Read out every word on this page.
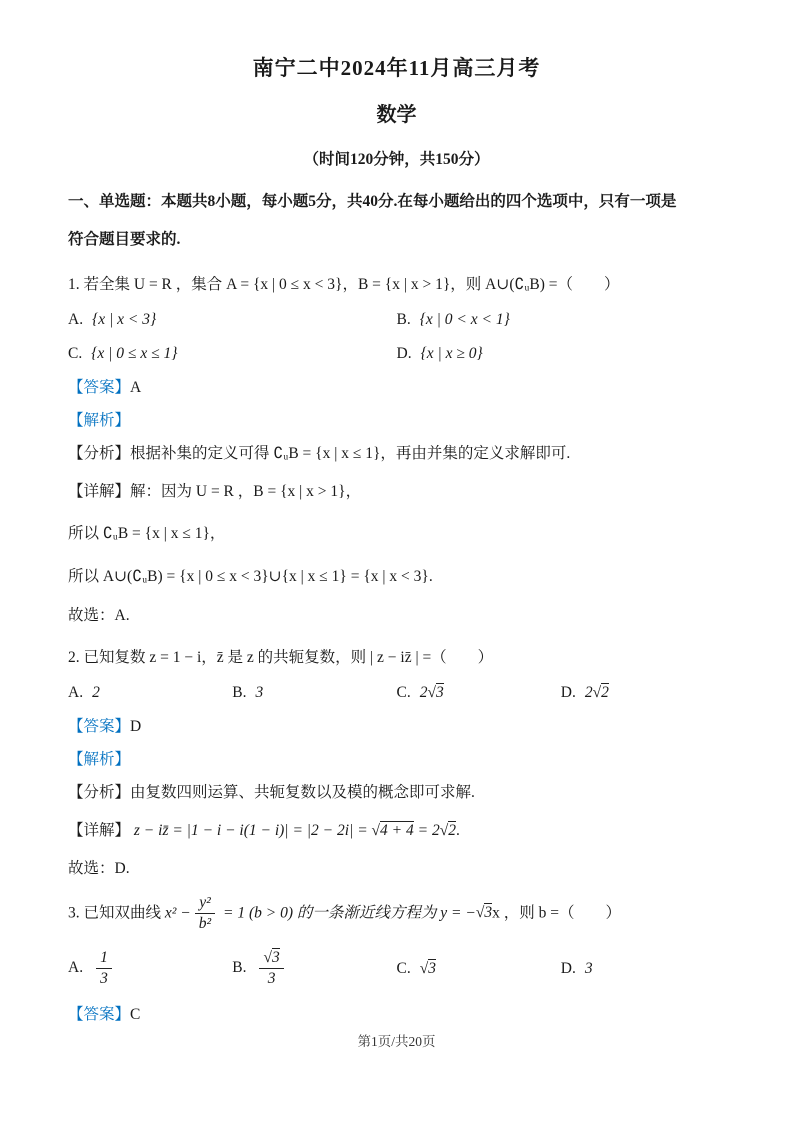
南宁二中2024年11月高三月考
数学
（时间120分钟，共150分）
一、单选题：本题共8小题，每小题5分，共40分.在每小题给出的四个选项中，只有一项是
符合题目要求的.
1. 若全集 U = R ，集合 A = {x | 0 ≤ x < 3}，B = {x | x > 1}，则 A∪(∁ᵤB) =（　　）
A. {x | x < 3}	B. {x | 0 < x < 1}
C. {x | 0 ≤ x ≤ 1}	D. {x | x ≥ 0}
【答案】A
【解析】
【分析】根据补集的定义可得 ∁ᵤB = {x | x ≤ 1}，再由并集的定义求解即可.
【详解】解：因为 U = R ，B = {x | x > 1}，
所以 ∁ᵤB = {x | x ≤ 1}，
所以 A∪(∁ᵤB) = {x | 0 ≤ x < 3}∪{x | x ≤ 1} = {x | x < 3}.
故选：A.
2. 已知复数 z = 1 − i，z̄ 是 z 的共轭复数，则 | z − iz̄ | =（　　）
A. 2	B. 3	C. 2 √ 3	D. 2 √ 2
【答案】D
【解析】
【分析】由复数四则运算、共轭复数以及模的概念即可求解.
【详解】 z − iz̄ = |1 − i − i(1 − i)| = |2 − 2i| = √ 4 + 4 = 2 √ 2.
故选：D.
3. 已知双曲线 $x^2 - \frac{\text{y²}}{\text{b²}} = 1$ (b > 0) 的一条渐近线方程为 y = − √ 3x ，则 b =（　　）
A. $\frac{1}{3}$	B. √ $\frac{3}{3}$	C. √ 3	D. 3
【答案】C
第1页/共20页
